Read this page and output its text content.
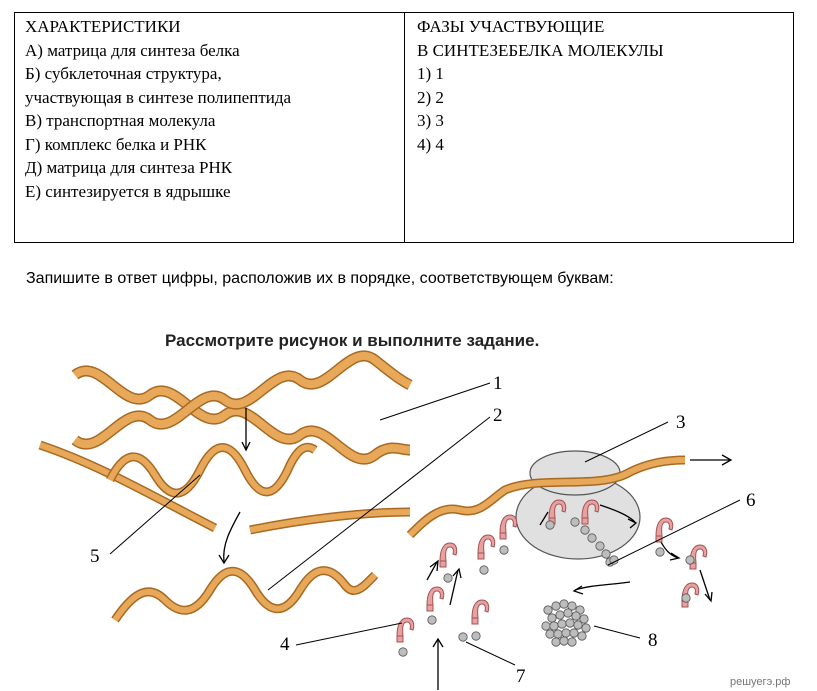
ХАРАКТЕРИСТИКИ
А) матрица для синтеза белка
Б) субклеточная структура,
участвующая в синтезе полипептида
В) транспортная молекула
Г) комплекс белка и РНК
Д) матрица для синтеза РНК
Е) синтезируется в ядрышке
ФАЗЫ УЧАСТВУЮЩИЕ
В СИНТЕЗЕБЕЛКА МОЛЕКУЛЫ
1) 1
2) 2
3) 3
4) 4
Запишите в ответ цифры, расположив их в порядке, соответствующем буквам:
Рассмотрите рисунок и выполните задание.
1
2	3
4
5
6
7
8
решуегэ.рф
